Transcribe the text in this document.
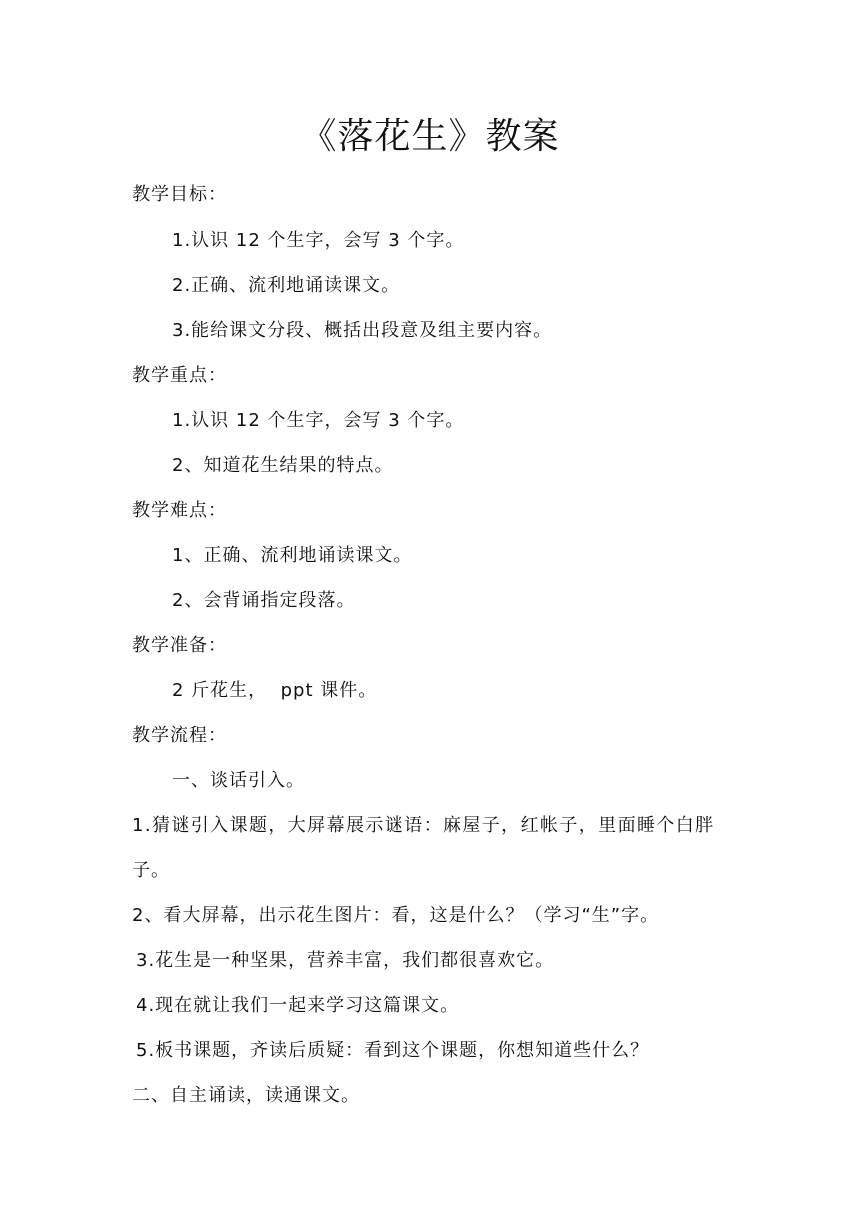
《落花生》教案
教学目标：
1.认识 12 个生字，会写 3 个字。
2.正确、流利地诵读课文。
3.能给课文分段、概括出段意及组主要内容。
教学重点：
1.认识 12 个生字，会写 3 个字。
2、知道花生结果的特点。
教学难点：
1、正确、流利地诵读课文。
2、会背诵指定段落。
教学准备：
2 斤花生，  ppt 课件。
教学流程：
一、谈话引入。
1.猜谜引入课题，大屏幕展示谜语：麻屋子，红帐子，里面睡个白胖
子。
2、看大屏幕，出示花生图片：看，这是什么？（学习“生”字。
3.花生是一种坚果，营养丰富，我们都很喜欢它。
4.现在就让我们一起来学习这篇课文。
5.板书课题，齐读后质疑：看到这个课题，你想知道些什么？
二、自主诵读，读通课文。
